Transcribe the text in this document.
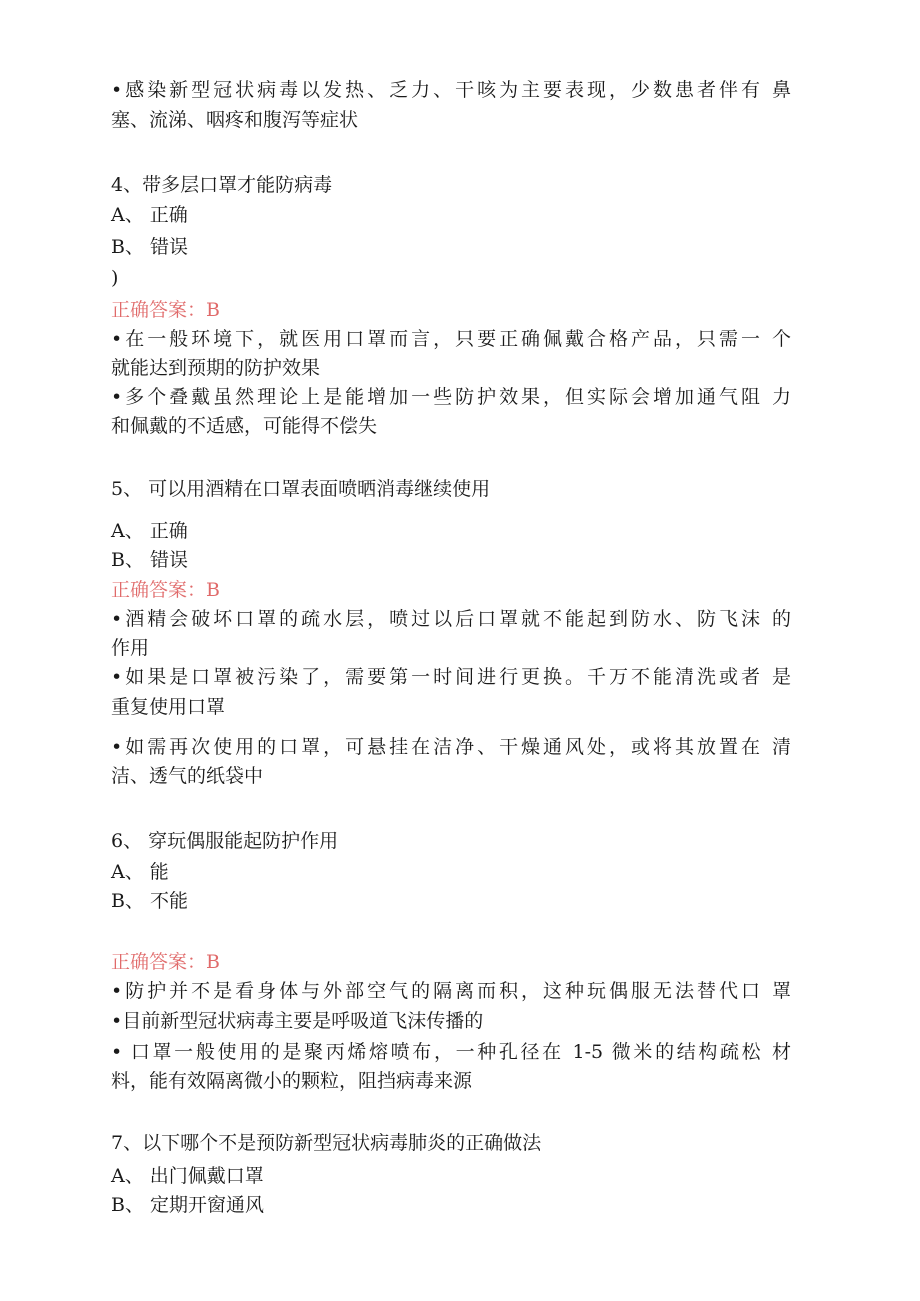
•感染新型冠状病毒以发热、乏力、干咳为主要表现，少数患者伴有 鼻
塞、流涕、咽疼和腹泻等症状
4、带多层口罩才能防病毒
A、 正确
B、 错误
)
正确答案：B
•在一般环境下，就医用口罩而言，只要正确佩戴合格产品，只需一 个
就能达到预期的防护效果
•多个叠戴虽然理论上是能增加一些防护效果，但实际会增加通气阻 力
和佩戴的不适感，可能得不偿失
5、 可以用酒精在口罩表面喷晒消毒继续使用
A、 正确
B、 错误
正确答案：B
•酒精会破坏口罩的疏水层，喷过以后口罩就不能起到防水、防飞沫 的
作用
•如果是口罩被污染了，需要第一时间进行更换。千万不能清洗或者 是
重复使用口罩
•如需再次使用的口罩，可悬挂在洁净、干燥通风处，或将其放置在 清
洁、透气的纸袋中
6、 穿玩偶服能起防护作用
A、 能
B、 不能
正确答案：B
•防护并不是看身体与外部空气的隔离而积，这种玩偶服无法替代口 罩
•目前新型冠状病毒主要是呼吸道飞沫传播的
• 口罩一般使用的是聚丙烯熔喷布，一种孔径在 1-5 微米的结构疏松 材
料，能有效隔离微小的颗粒，阻挡病毒来源
7、以下哪个不是预防新型冠状病毒肺炎的正确做法
A、 出门佩戴口罩
B、 定期开窗通风
